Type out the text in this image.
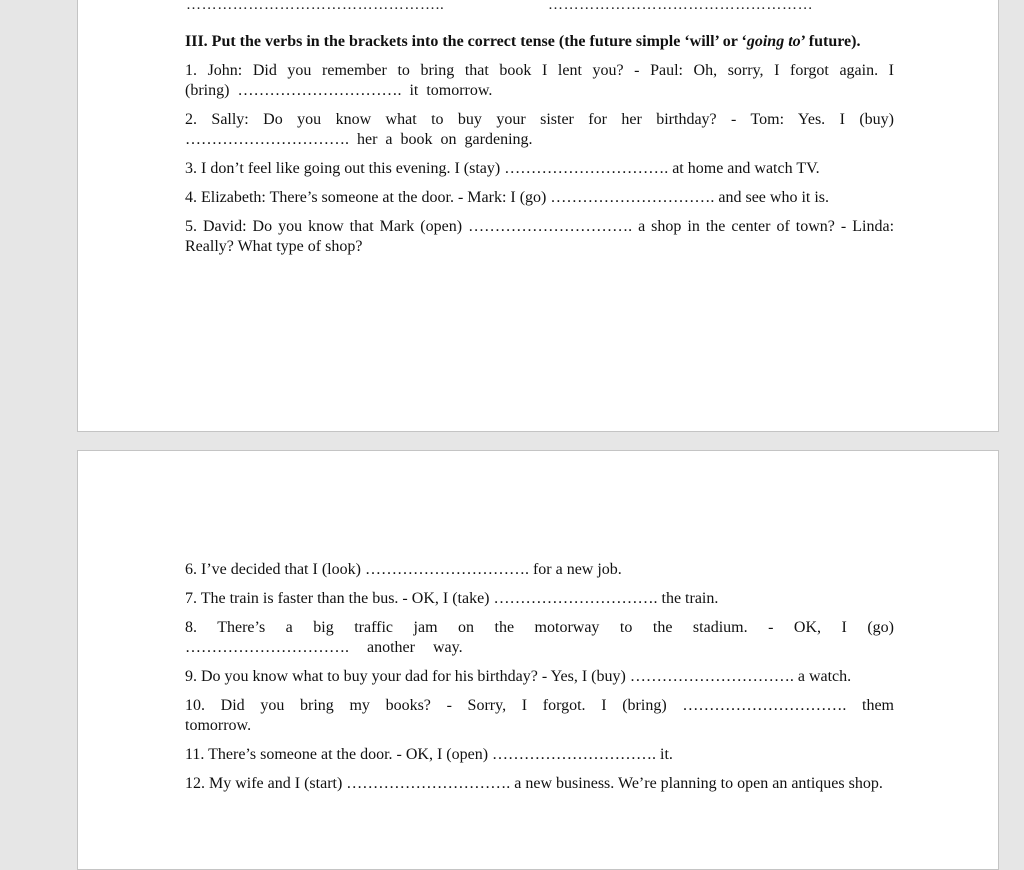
…………………………………………..	……………………………………………

III. Put the verbs in the brackets into the correct tense (the future simple ‘will’ or ‘going to’ future).

1. John: Did you remember to bring that book I lent you? - Paul: Oh, sorry, I forgot again. I (bring) …………………………. it tomorrow.

2. Sally: Do you know what to buy your sister for her birthday? - Tom: Yes. I (buy) …………………………. her a book on gardening.

3. I don’t feel like going out this evening. I (stay) …………………………. at home and watch TV.

4. Elizabeth: There’s someone at the door. - Mark: I (go) …………………………. and see who it is.

5. David: Do you know that Mark (open) …………………………. a shop in the center of town? - Linda: Really? What type of shop?

6. I’ve decided that I (look) …………………………. for a new job.

7. The train is faster than the bus. - OK, I (take) …………………………. the train.

8. There’s a big traffic jam on the motorway to the stadium. - OK, I (go) …………………………. another way.

9. Do you know what to buy your dad for his birthday? - Yes, I (buy) …………………………. a watch.

10. Did you bring my books? - Sorry, I forgot. I (bring) …………………………. them tomorrow.

11. There’s someone at the door. - OK, I (open) …………………………. it.

12. My wife and I (start) …………………………. a new business. We’re planning to open an antiques shop.
